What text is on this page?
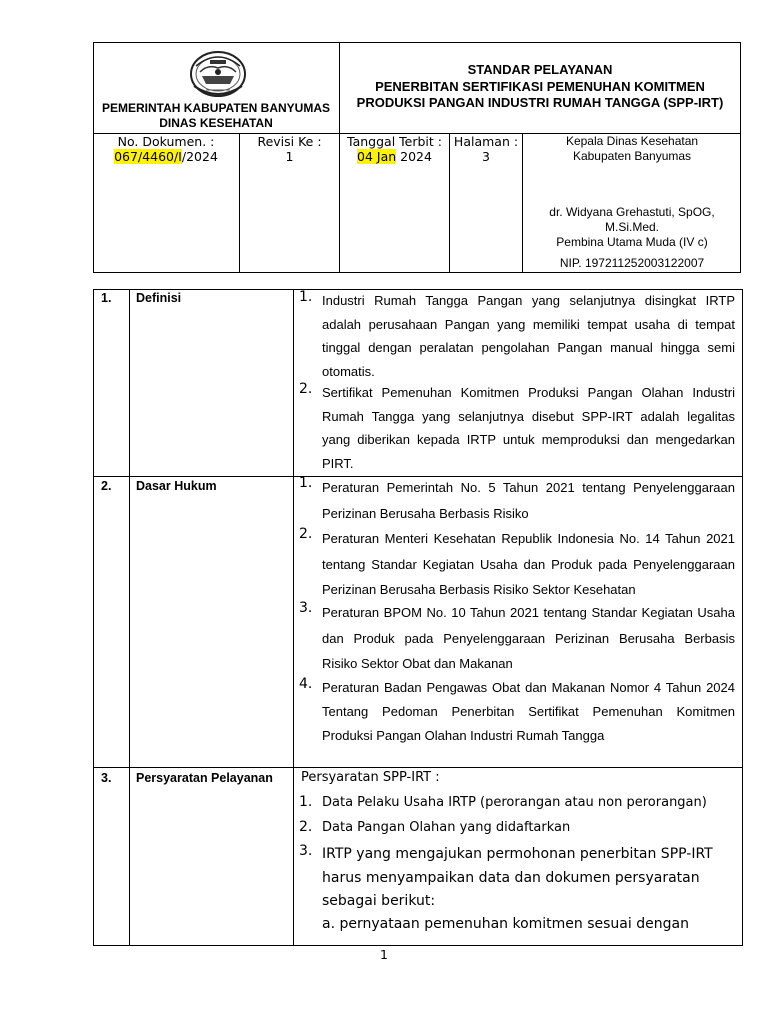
PEMERINTAH KABUPATEN BANYUMAS
DINAS KESEHATAN
STANDAR PELAYANAN
PENERBITAN SERTIFIKASI PEMENUHAN KOMITMEN
PRODUKSI PANGAN INDUSTRI RUMAH TANGGA (SPP-IRT)
No. Dokumen. :
067/4460/I/2024
Revisi Ke :
1
Tanggal Terbit :
04 Jan 2024
Halaman :
3
Kepala Dinas Kesehatan
Kabupaten Banyumas
dr. Widyana Grehastuti, SpOG, M.Si.Med.
Pembina Utama Muda (IV c)
NIP. 197211252003122007
1. Definisi	1. Industri Rumah Tangga Pangan yang selanjutnya disingkat IRTP adalah perusahaan Pangan yang memiliki tempat usaha di tempat tinggal dengan peralatan pengolahan Pangan manual hingga semi otomatis.
2. Sertifikat Pemenuhan Komitmen Produksi Pangan Olahan Industri Rumah Tangga yang selanjutnya disebut SPP-IRT adalah legalitas yang diberikan kepada IRTP untuk memproduksi dan mengedarkan PIRT.
2. Dasar Hukum	1. Peraturan Pemerintah No. 5 Tahun 2021 tentang Penyelenggaraan Perizinan Berusaha Berbasis Risiko
2. Peraturan Menteri Kesehatan Republik Indonesia No. 14 Tahun 2021 tentang Standar Kegiatan Usaha dan Produk pada Penyelenggaraan Perizinan Berusaha Berbasis Risiko Sektor Kesehatan
3. Peraturan BPOM No. 10 Tahun 2021 tentang Standar Kegiatan Usaha dan Produk pada Penyelenggaraan Perizinan Berusaha Berbasis Risiko Sektor Obat dan Makanan
4. Peraturan Badan Pengawas Obat dan Makanan Nomor 4 Tahun 2024 Tentang Pedoman Penerbitan Sertifikat Pemenuhan Komitmen Produksi Pangan Olahan Industri Rumah Tangga
3. Persyaratan Pelayanan Persyaratan SPP-IRT :
1. Data Pelaku Usaha IRTP (perorangan atau non perorangan)
2. Data Pangan Olahan yang didaftarkan
3. IRTP yang mengajukan permohonan penerbitan SPP-IRT harus menyampaikan data dan dokumen persyaratan sebagai berikut:
a. pernyataan pemenuhan komitmen sesuai dengan
1
